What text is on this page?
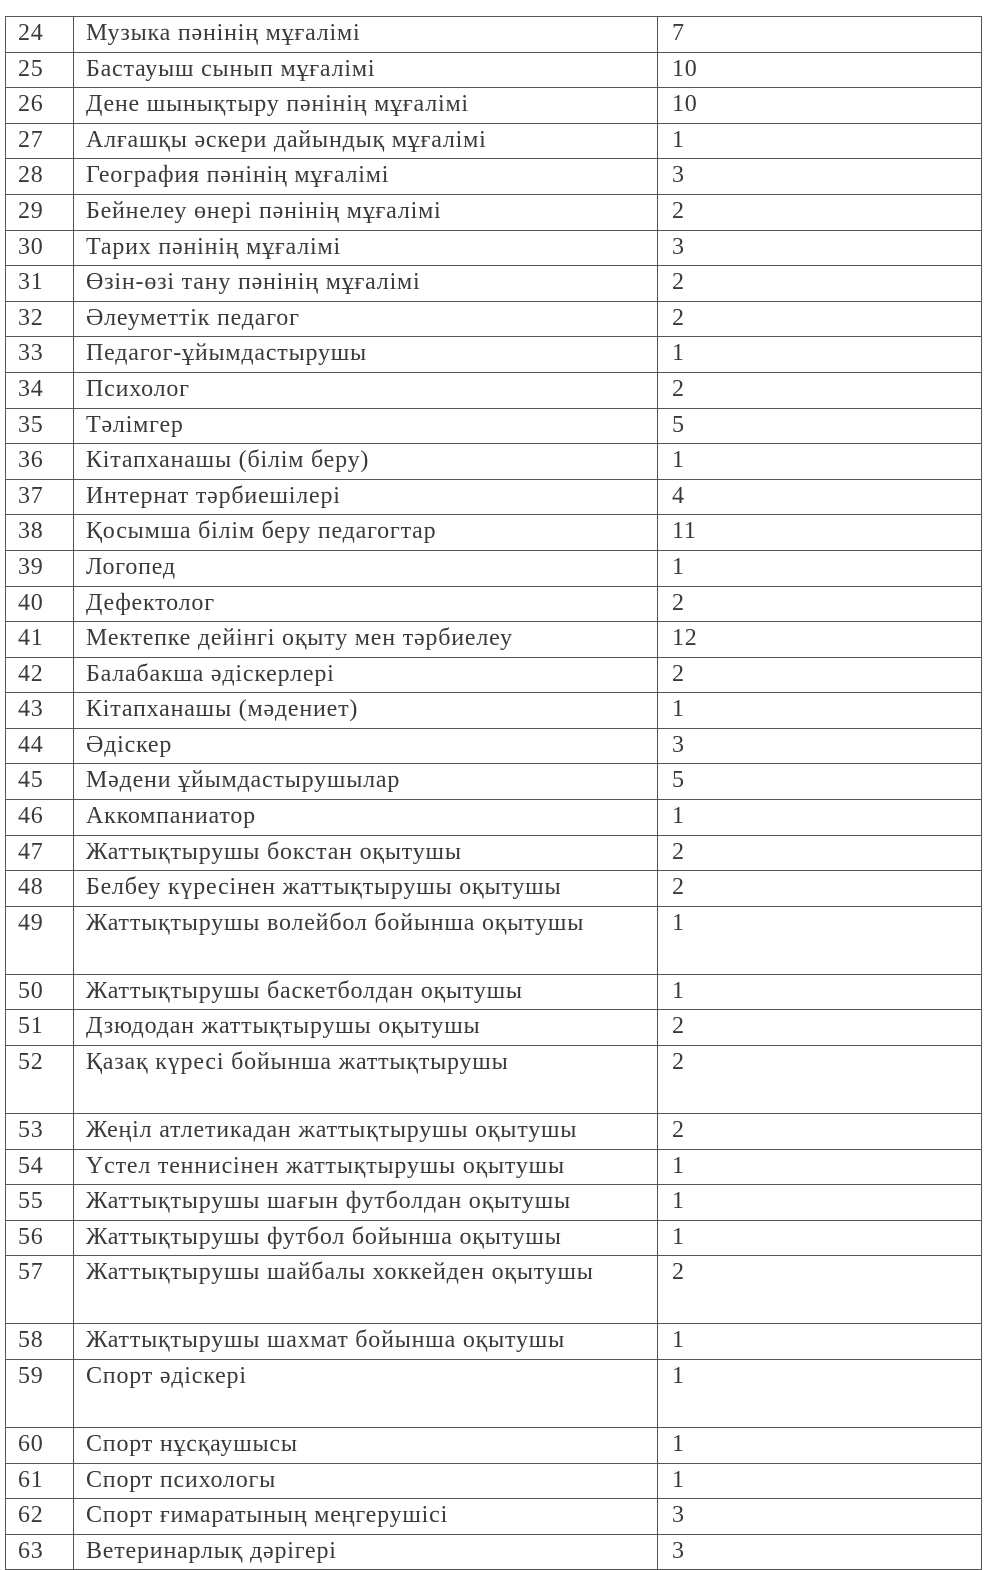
24	Музыка пәнінің мұғалімі	7
25	Бастауыш сынып мұғалімі	10
26	Дене шынықтыру пәнінің мұғалімі	10
27	Алғашқы әскери дайындық мұғалімі	1
28	География пәнінің мұғалімі	3
29	Бейнелеу өнері пәнінің мұғалімі	2
30	Тарих пәнінің мұғалімі	3
31	Өзін-өзі тану пәнінің мұғалімі	2
32	Әлеуметтік педагог	2
33	Педагог-ұйымдастырушы	1
34	Психолог	2
35	Тәлімгер	5
36	Кітапханашы (білім беру)	1
37	Интернат тәрбиешілері	4
38	Қосымша білім беру педагогтар	11
39	Логопед	1
40	Дефектолог	2
41	Мектепке дейінгі оқыту мен тәрбиелеу	12
42	Балабакша әдіскерлері	2
43	Кітапханашы (мәдениет)	1
44	Әдіскер	3
45	Мәдени ұйымдастырушылар	5
46	Аккомпаниатор	1
47	Жаттықтырушы бокстан оқытушы	2
48	Белбеу күресінен жаттықтырушы оқытушы	2
49	Жаттықтырушы волейбол бойынша оқытушы	1
50	Жаттықтырушы баскетболдан оқытушы	1
51	Дзюдодан жаттықтырушы оқытушы	2
52	Қазақ күресі бойынша жаттықтырушы	2
53	Жеңіл атлетикадан жаттықтырушы оқытушы	2
54	Үстел теннисінен жаттықтырушы оқытушы	1
55	Жаттықтырушы шағын футболдан оқытушы	1
56	Жаттықтырушы футбол бойынша оқытушы	1
57	Жаттықтырушы шайбалы хоккейден оқытушы	2
58	Жаттықтырушы шахмат бойынша оқытушы	1
59	Спорт әдіскері	1
60	Спорт нұсқаушысы	1
61	Спорт психологы	1
62	Спорт ғимаратының меңгерушісі	3
63	Ветеринарлық дәрігері	3
